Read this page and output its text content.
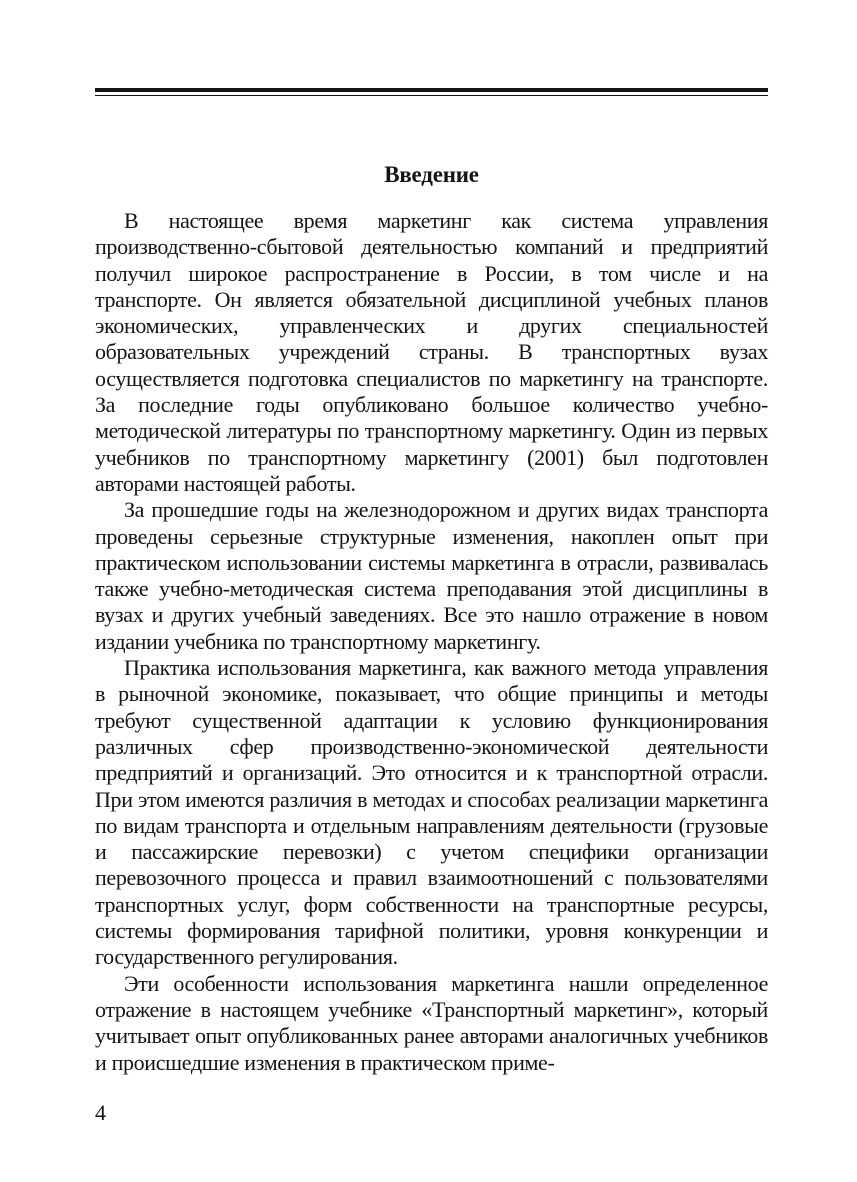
Введение

В настоящее время маркетинг как система управления производственно-сбытовой деятельностью компаний и предприятий получил широкое распространение в России, в том числе и на транспорте. Он является обязательной дисциплиной учебных планов экономических, управленческих и других специальностей образовательных учреждений страны. В транспортных вузах осуществляется подготовка специалистов по маркетингу на транспорте. За последние годы опубликовано большое количество учебно-методической литературы по транспортному маркетингу. Один из первых учебников по транспортному маркетингу (2001) был подготовлен авторами настоящей работы.

За прошедшие годы на железнодорожном и других видах транспорта проведены серьезные структурные изменения, накоплен опыт при практическом использовании системы маркетинга в отрасли, развивалась также учебно-методическая система преподавания этой дисциплины в вузах и других учебный заведениях. Все это нашло отражение в новом издании учебника по транспортному маркетингу.

Практика использования маркетинга, как важного метода управления в рыночной экономике, показывает, что общие принципы и методы требуют существенной адаптации к условию функционирования различных сфер производственно-экономической деятельности предприятий и организаций. Это относится и к транспортной отрасли. При этом имеются различия в методах и способах реализации маркетинга по видам транспорта и отдельным направлениям деятельности (грузовые и пассажирские перевозки) с учетом специфики организации перевозочного процесса и правил взаимоотношений с пользователями транспортных услуг, форм собственности на транспортные ресурсы, системы формирования тарифной политики, уровня конкуренции и государственного регулирования.

Эти особенности использования маркетинга нашли определенное отражение в настоящем учебнике «Транспортный маркетинг», который учитывает опыт опубликованных ранее авторами аналогичных учебников и происшедшие изменения в практическом приме-

4
